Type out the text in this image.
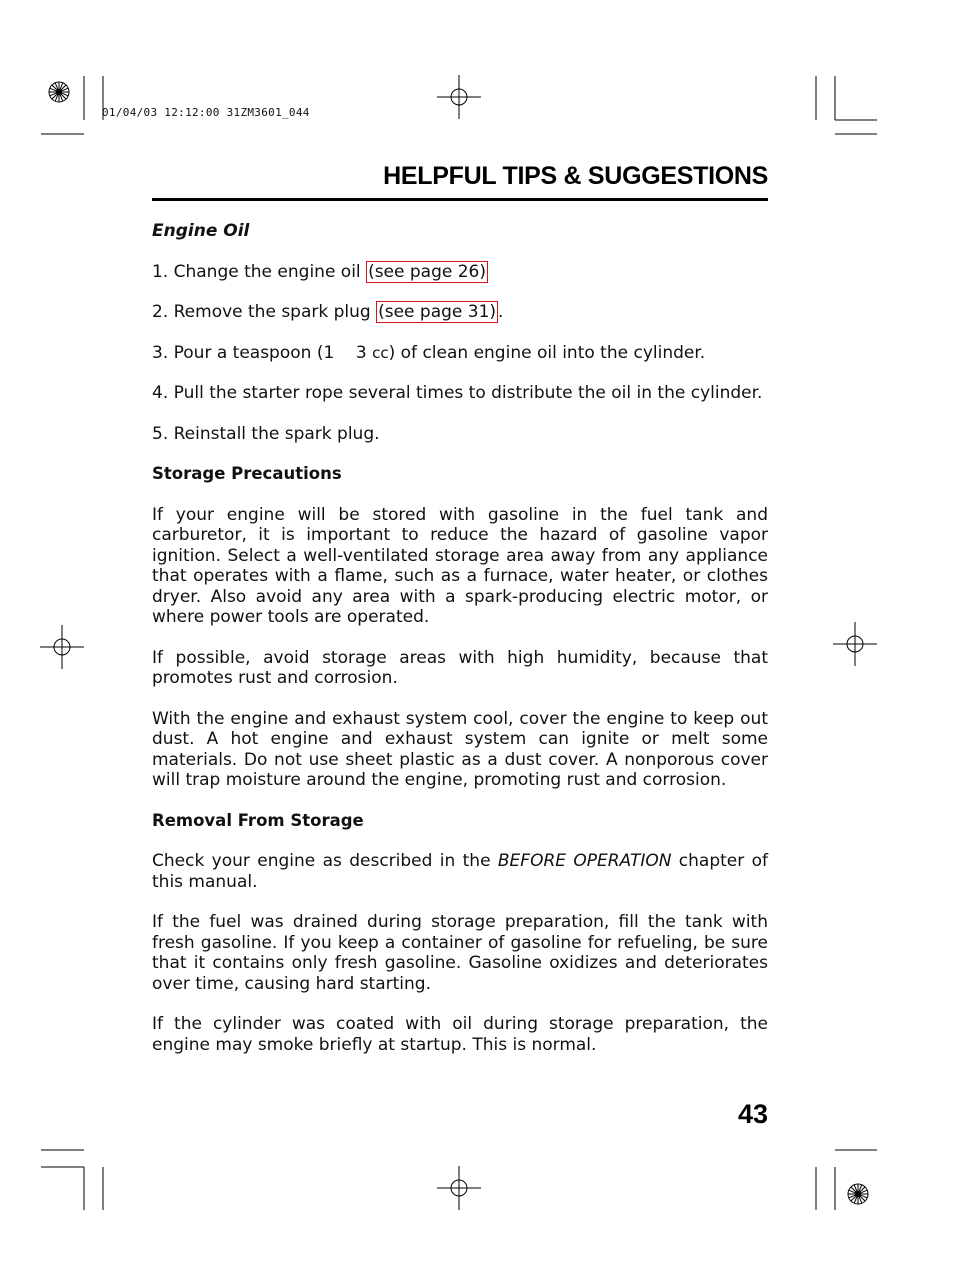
01/04/03 12:12:00 31ZM3601_044
HELPFUL TIPS & SUGGESTIONS

Engine Oil

1. Change the engine oil (see page 26)

2. Remove the spark plug (see page 31) .

3. Pour a teaspoon (1    3 cc) of clean engine oil into the cylinder.

4. Pull the starter rope several times to distribute the oil in the cylinder.

5. Reinstall the spark plug.

Storage Precautions

If your engine will be stored with gasoline in the fuel tank and carburetor, it is important to reduce the hazard of gasoline vapor ignition. Select a well-ventilated storage area away from any appliance that operates with a flame, such as a furnace, water heater, or clothes dryer. Also avoid any area with a spark-producing electric motor, or where power tools are operated.

If possible, avoid storage areas with high humidity, because that promotes rust and corrosion.

With the engine and exhaust system cool, cover the engine to keep out dust. A hot engine and exhaust system can ignite or melt some materials. Do not use sheet plastic as a dust cover. A nonporous cover will trap moisture around the engine, promoting rust and corrosion.

Removal From Storage

Check your engine as described in the BEFORE OPERATION chapter of this manual.

If the fuel was drained during storage preparation, fill the tank with fresh gasoline. If you keep a container of gasoline for refueling, be sure that it contains only fresh gasoline. Gasoline oxidizes and deteriorates over time, causing hard starting.

If the cylinder was coated with oil during storage preparation, the engine may smoke briefly at startup. This is normal.

43
